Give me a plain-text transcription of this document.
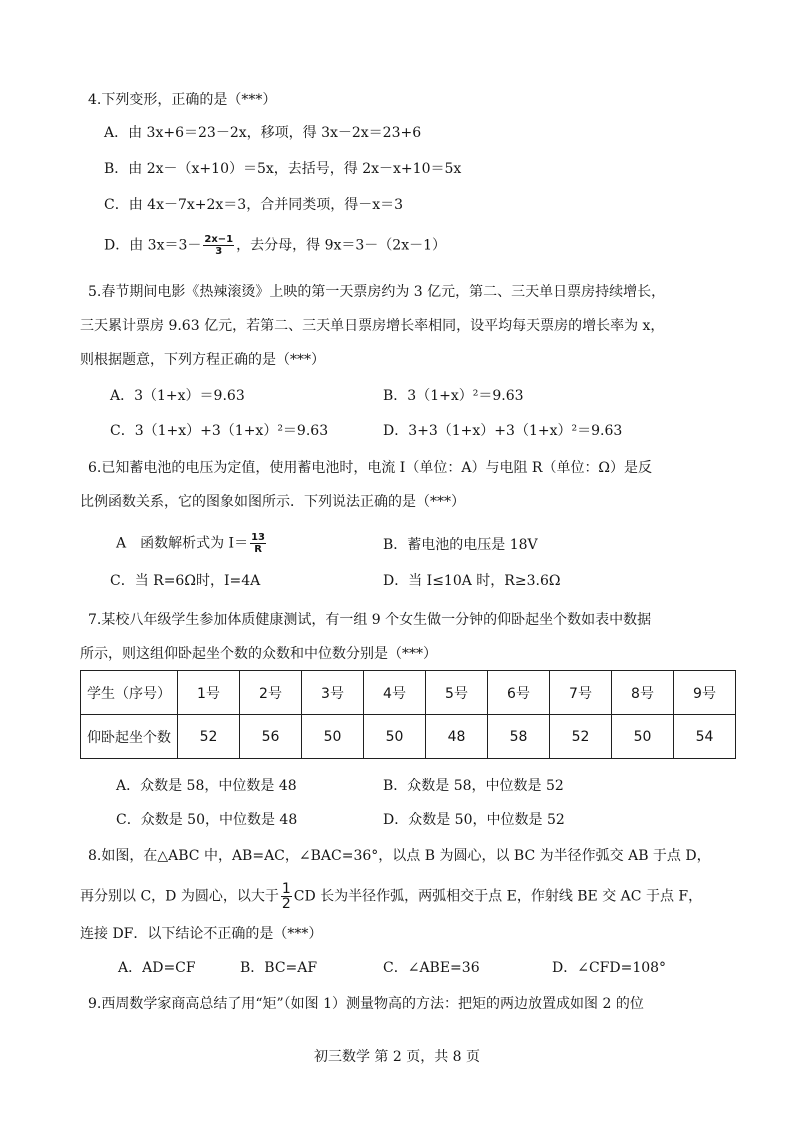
4.下列变形，正确的是（***）
A．由 3x+6＝23－2x，移项，得 3x－2x＝23+6
B．由 2x－（x+10）＝5x，去括号，得 2x－x+10＝5x
C．由 4x－7x+2x＝3，合并同类项，得－x＝3
D．由 $3x=3- \frac{2x-1}{3}$ ，去分母，得 9x＝3－（2x－1）
5.春节期间电影《热辣滚烫》上映的第一天票房约为 3 亿元，第二、三天单日票房持续增长，
三天累计票房 9.63 亿元，若第二、三天单日票房增长率相同，设平均每天票房的增长率为 x，
则根据题意，下列方程正确的是（***）
A．3（1+x）＝9.63	B．3（1+x）²＝9.63
C．3（1+x）+3（1+x）²＝9.63	D．3+3（1+x）+3（1+x）²＝9.63
6.已知蓄电池的电压为定值，使用蓄电池时，电流 I（单位：A）与电阻 R（单位：Ω）是反
比例函数关系，它的图象如图所示．下列说法正确的是（***）
A　函数解析式为 $I= \frac{13}{R}$	B．蓄电池的电压是 18V
C．当 R=6Ω时，I=4A	D．当 I≤10A 时，R≥3.6Ω
7.某校八年级学生参加体质健康测试，有一组 9 个女生做一分钟的仰卧起坐个数如表中数据
所示，则这组仰卧起坐个数的众数和中位数分别是（***）
学生（序号）	1号	2号	3号	4号	5号	6号	7号	8号	9号
仰卧起坐个数	52	56	50	50	48	58	52	50	54
A．众数是 58，中位数是 48	B．众数是 58，中位数是 52
C．众数是 50，中位数是 48	D．众数是 50，中位数是 52
8.如图，在△ABC 中，AB=AC，∠BAC=36°，以点 B 为圆心，以 BC 为半径作弧交 AB 于点 D，
再分别以 C，D 为圆心，以大于 $\frac{1}{2}$ CD 长为半径作弧，两弧相交于点 E，作射线 BE 交 AC 于点 F，
连接 DF．以下结论不正确的是（***）
A．AD=CF	B．BC=AF	C．∠ABE=36	D．∠CFD=108°
9.西周数学家商高总结了用“矩”（如图 1）测量物高的方法：把矩的两边放置成如图 2 的位
初三数学 第 2 页，共 8 页
